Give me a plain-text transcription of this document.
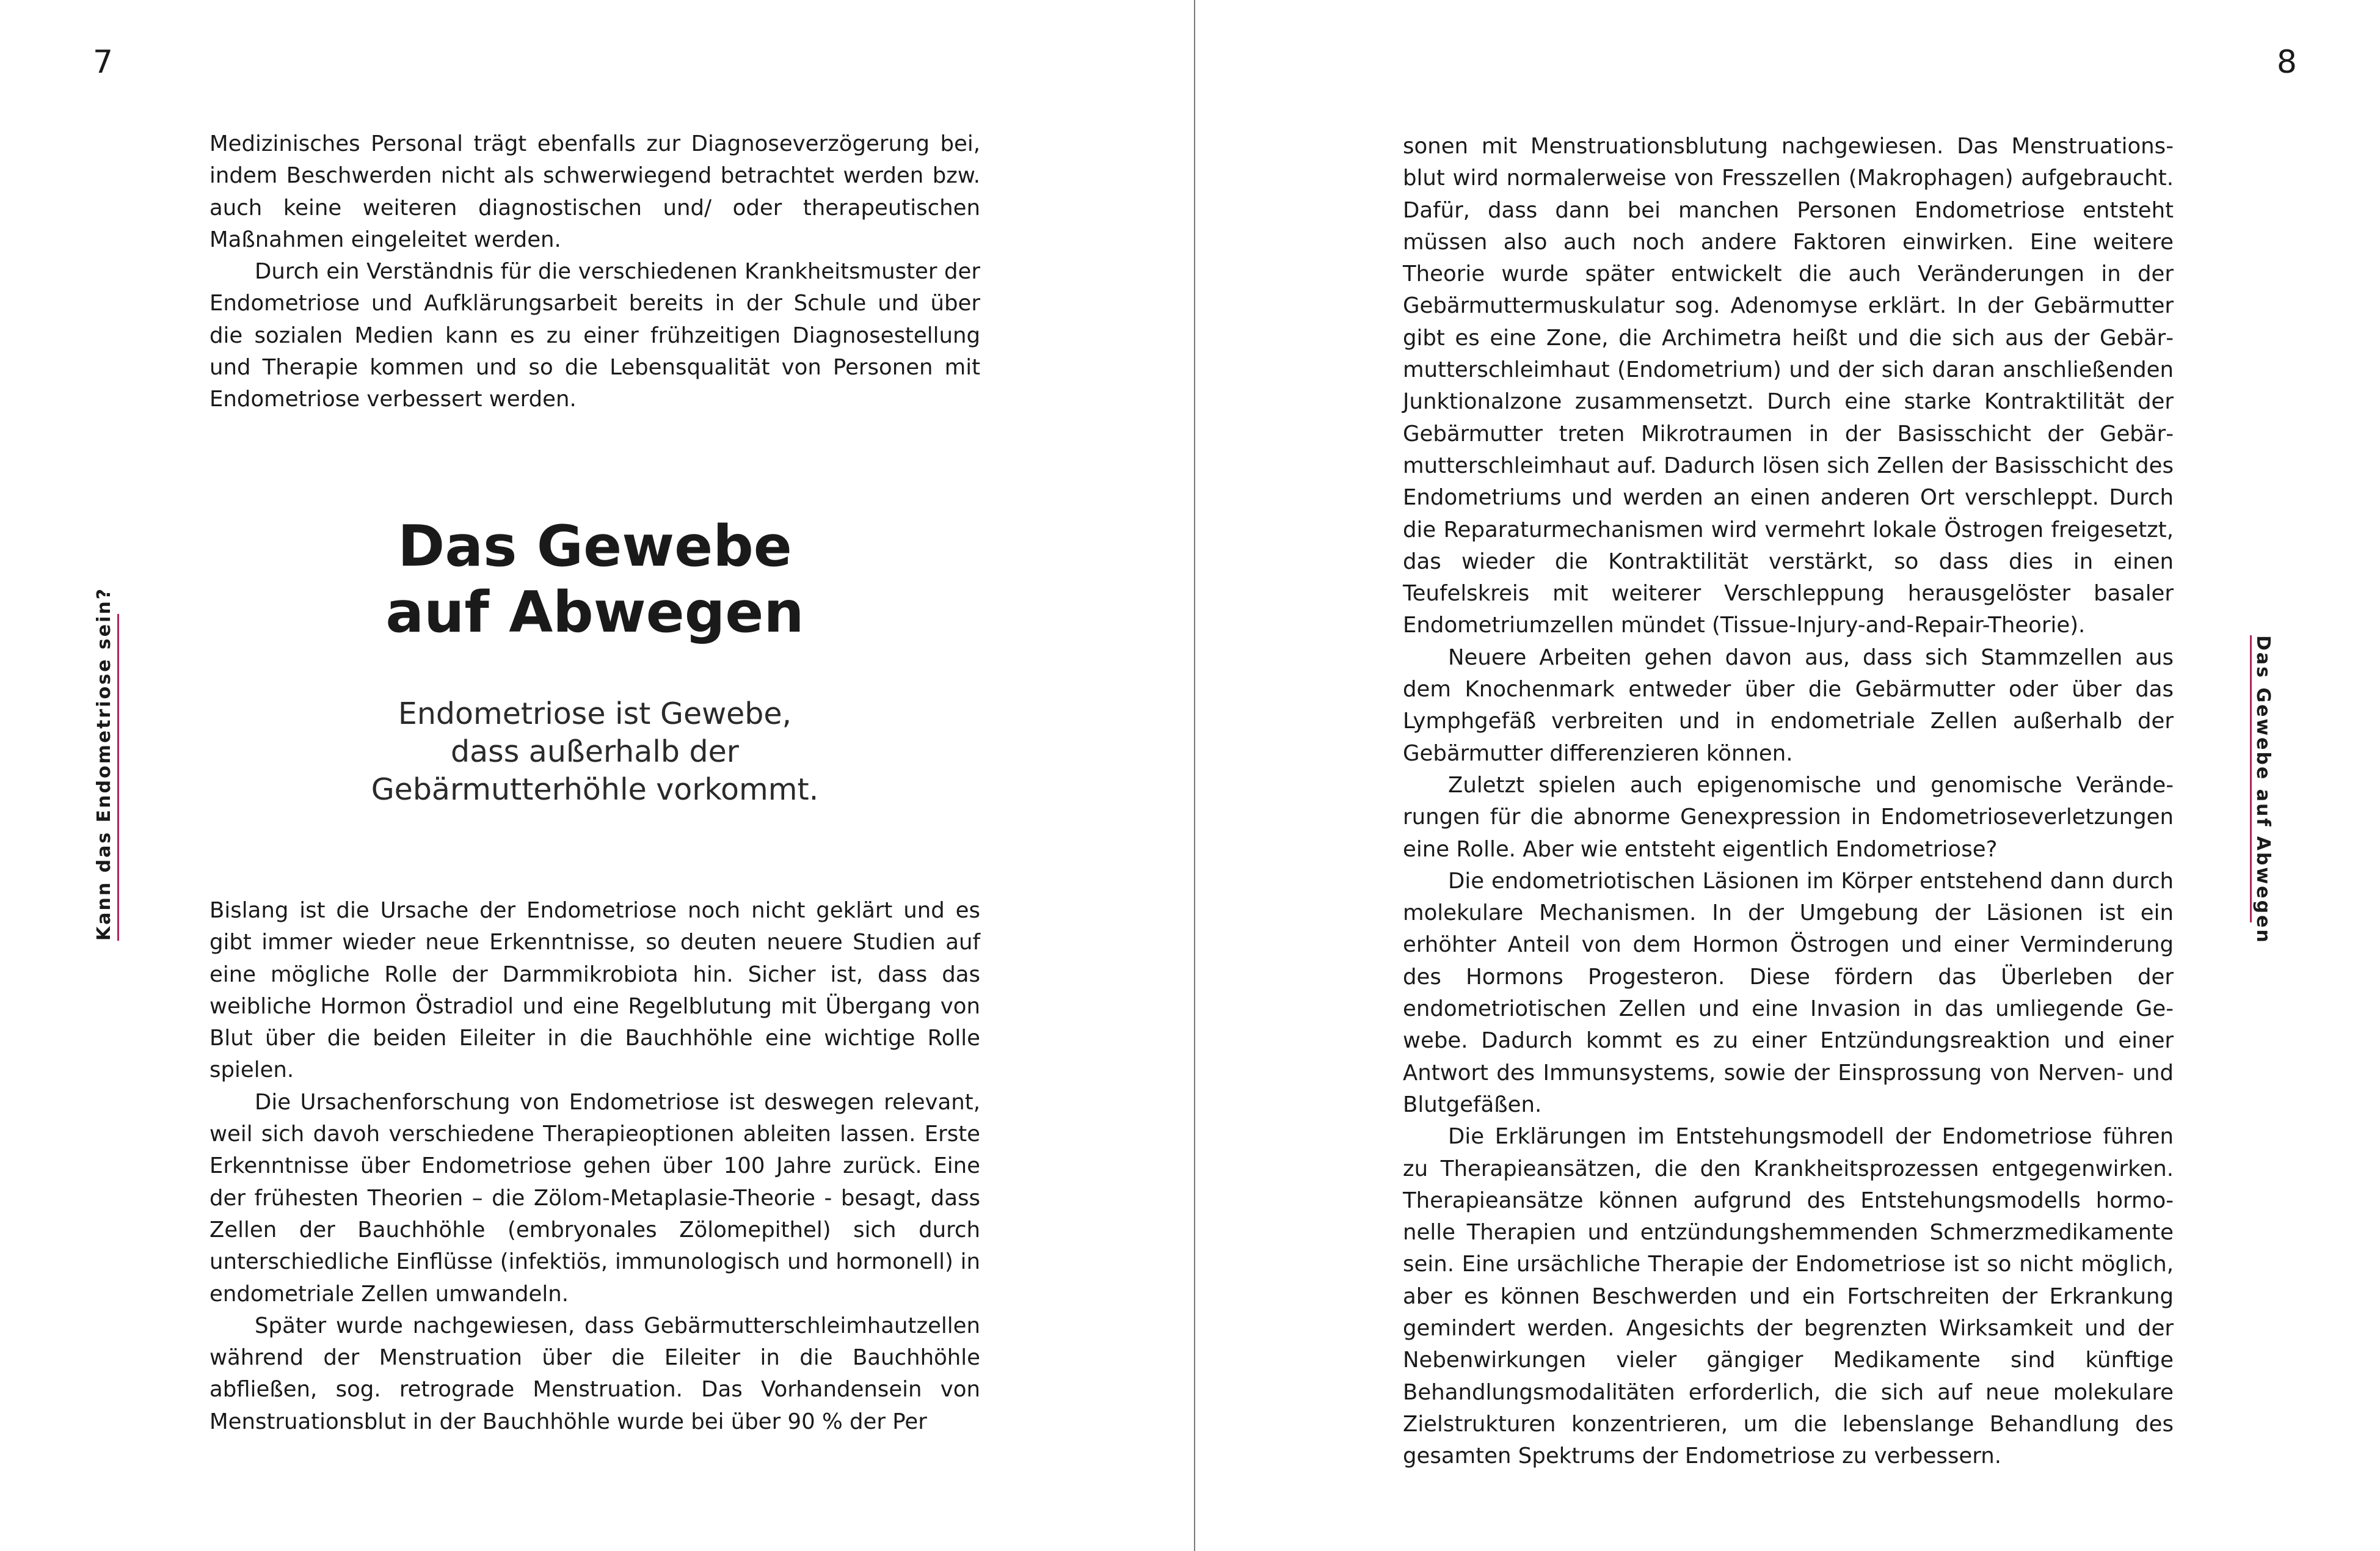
7
Kann das Endometriose sein?

Medizinisches Personal trägt ebenfalls zur Diagnoseverzögerung bei, indem Beschwerden nicht als schwerwiegend betrachtet werden bzw. auch keine weiteren diagnostischen und/ oder therapeutischen Maßnahmen eingeleitet werden.

Durch ein Verständnis für die verschiedenen Krankheitsmuster der Endometriose und Aufklärungsarbeit bereits in der Schule und über die sozialen Medien kann es zu einer frühzeitigen Diagnosestellung und Therapie kommen und so die Lebensqualität von Personen mit Endometriose verbessert werden.

Das Gewebe
auf Abwegen
Endometriose ist Gewebe,
dass außerhalb der
Gebärmutterhöhle vorkommt.

Bislang ist die Ursache der Endometriose noch nicht geklärt und es gibt immer wieder neue Erkenntnisse, so deuten neuere Studien auf eine mögliche Rolle der Darmmikrobiota hin. Sicher ist, dass das weibliche Hormon Östradiol und eine Regelblutung mit Übergang von Blut über die beiden Eileiter in die Bauchhöhle eine wichtige Rolle spielen.

Die Ursachenforschung von Endometriose ist deswegen relevant, weil sich davoh verschiedene Therapieoptionen ableiten lassen. Erste Erkenntnisse über Endometriose gehen über 100 Jahre zurück. Eine der frühesten Theorien – die Zölom-Metaplasie-Theorie - besagt, dass Zellen der Bauchhöhle (embryonales Zölomepithel) sich durch unterschiedliche Einflüsse (infektiös, immunologisch und hormonell) in endometriale Zellen umwandeln.

Später wurde nachgewiesen, dass Gebärmutterschleimhautzellen während der Menstruation über die Eileiter in die Bauchhöhle abfließen, sog. retrograde Menstruation. Das Vorhandensein von Menstruationsblut in der Bauchhöhle wurde bei über 90 % der Per

8
Das Gewebe auf Abwegen

sonen mit Menstruationsblutung nachgewiesen. Das Menstruationsblut wird normalerweise von Fresszellen (Makrophagen) aufgebraucht. Dafür, dass dann bei manchen Personen Endometriose entsteht müssen also auch noch andere Faktoren einwirken. Eine weitere Theorie wurde später entwickelt die auch Veränderungen in der Gebärmuttermuskulatur sog. Adenomyse erklärt. In der Gebärmutter gibt es eine Zone, die Archimetra heißt und die sich aus der Gebärmutterschleimhaut (Endometrium) und der sich daran anschließenden Junktionalzone zusammensetzt. Durch eine starke Kontraktilität der Gebärmutter treten Mikrotraumen in der Basisschicht der Gebärmutterschleimhaut auf. Dadurch lösen sich Zellen der Basisschicht des Endometriums und werden an einen anderen Ort verschleppt. Durch die Reparaturmechanismen wird vermehrt lokale Östrogen freigesetzt, das wieder die Kontraktilität verstärkt, so dass dies in einen Teufelskreis mit weiterer Verschleppung herausgelöster basaler Endometriumzellen mündet (Tissue-Injury-and-Repair-Theorie).

Neuere Arbeiten gehen davon aus, dass sich Stammzellen aus dem Knochenmark entweder über die Gebärmutter oder über das Lymphgefäß verbreiten und in endometriale Zellen außerhalb der Gebärmutter differenzieren können.

Zuletzt spielen auch epigenomische und genomische Veränderungen für die abnorme Genexpression in Endometrioseverletzungen eine Rolle. Aber wie entsteht eigentlich Endometriose?

Die endometriotischen Läsionen im Körper entstehend dann durch molekulare Mechanismen. In der Umgebung der Läsionen ist ein erhöhter Anteil von dem Hormon Östrogen und einer Verminderung des Hormons Progesteron. Diese fördern das Überleben der endometriotischen Zellen und eine Invasion in das umliegende Gewebe. Dadurch kommt es zu einer Entzündungsreaktion und einer Antwort des Immunsystems, sowie der Einsprossung von Nerven- und Blutgefäßen.

Die Erklärungen im Entstehungsmodell der Endometriose führen zu Therapieansätzen, die den Krankheitsprozessen entgegenwirken. Therapieansätze können aufgrund des Entstehungsmodells hormonelle Therapien und entzündungshemmenden Schmerzmedikamente sein. Eine ursächliche Therapie der Endometriose ist so nicht möglich, aber es können Beschwerden und ein Fortschreiten der Erkrankung gemindert werden. Angesichts der begrenzten Wirksamkeit und der Nebenwirkungen vieler gängiger Medikamente sind künftige Behandlungsmodalitäten erforderlich, die sich auf neue molekulare Zielstrukturen konzentrieren, um die lebenslange Behandlung des gesamten Spektrums der Endometriose zu verbessern.
